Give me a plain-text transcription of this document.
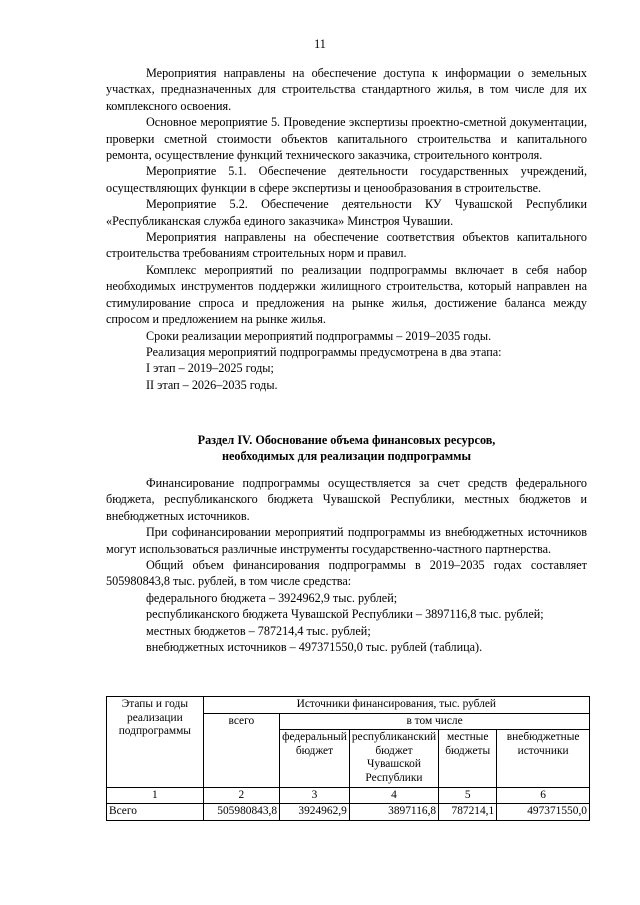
11

Мероприятия направлены на обеспечение доступа к информации о земельных участках, предназначенных для строительства стандартного жилья, в том числе для их комплексного освоения.

Основное мероприятие 5. Проведение экспертизы проектно-сметной документации, проверки сметной стоимости объектов капитального строительства и капитального ремонта, осуществление функций технического заказчика, строительного контроля.

Мероприятие 5.1. Обеспечение деятельности государственных учреждений, осуществляющих функции в сфере экспертизы и ценообразования в строительстве.

Мероприятие 5.2. Обеспечение деятельности КУ Чувашской Республики «Республиканская служба единого заказчика» Минстроя Чувашии.

Мероприятия направлены на обеспечение соответствия объектов капитального строительства требованиям строительных норм и правил.

Комплекс мероприятий по реализации подпрограммы включает в себя набор необходимых инструментов поддержки жилищного строительства, который направлен на стимулирование спроса и предложения на рынке жилья, достижение баланса между спросом и предложением на рынке жилья.

Сроки реализации мероприятий подпрограммы – 2019–2035 годы.

Реализация мероприятий подпрограммы предусмотрена в два этапа:

I этап – 2019–2025 годы;

II этап – 2026–2035 годы.

Раздел IV. Обоснование объема финансовых ресурсов,
необходимых для реализации подпрограммы

Финансирование подпрограммы осуществляется за счет средств федерального бюджета, республиканского бюджета Чувашской Республики, местных бюджетов и внебюджетных источников.

При софинансировании мероприятий подпрограммы из внебюджетных источников могут использоваться различные инструменты государственно-частного партнерства.

Общий объем финансирования подпрограммы в 2019–2035 годах составляет 505980843,8 тыс. рублей, в том числе средства:

федерального бюджета – 3924962,9 тыс. рублей;

республиканского бюджета Чувашской Республики – 3897116,8 тыс. рублей;

местных бюджетов – 787214,4 тыс. рублей;

внебюджетных источников – 497371550,0 тыс. рублей (таблица).

Этапы и годы реализации подпрограммы	Источники финансирования, тыс. рублей				
	всего	в том числе			
		федеральный бюджет	республиканский бюджет Чувашской Республики	местные бюджеты	внебюджетные источники
1	2	3	4	5	6
Всего	505980843,8	3924962,9	3897116,8	787214,1	497371550,0
